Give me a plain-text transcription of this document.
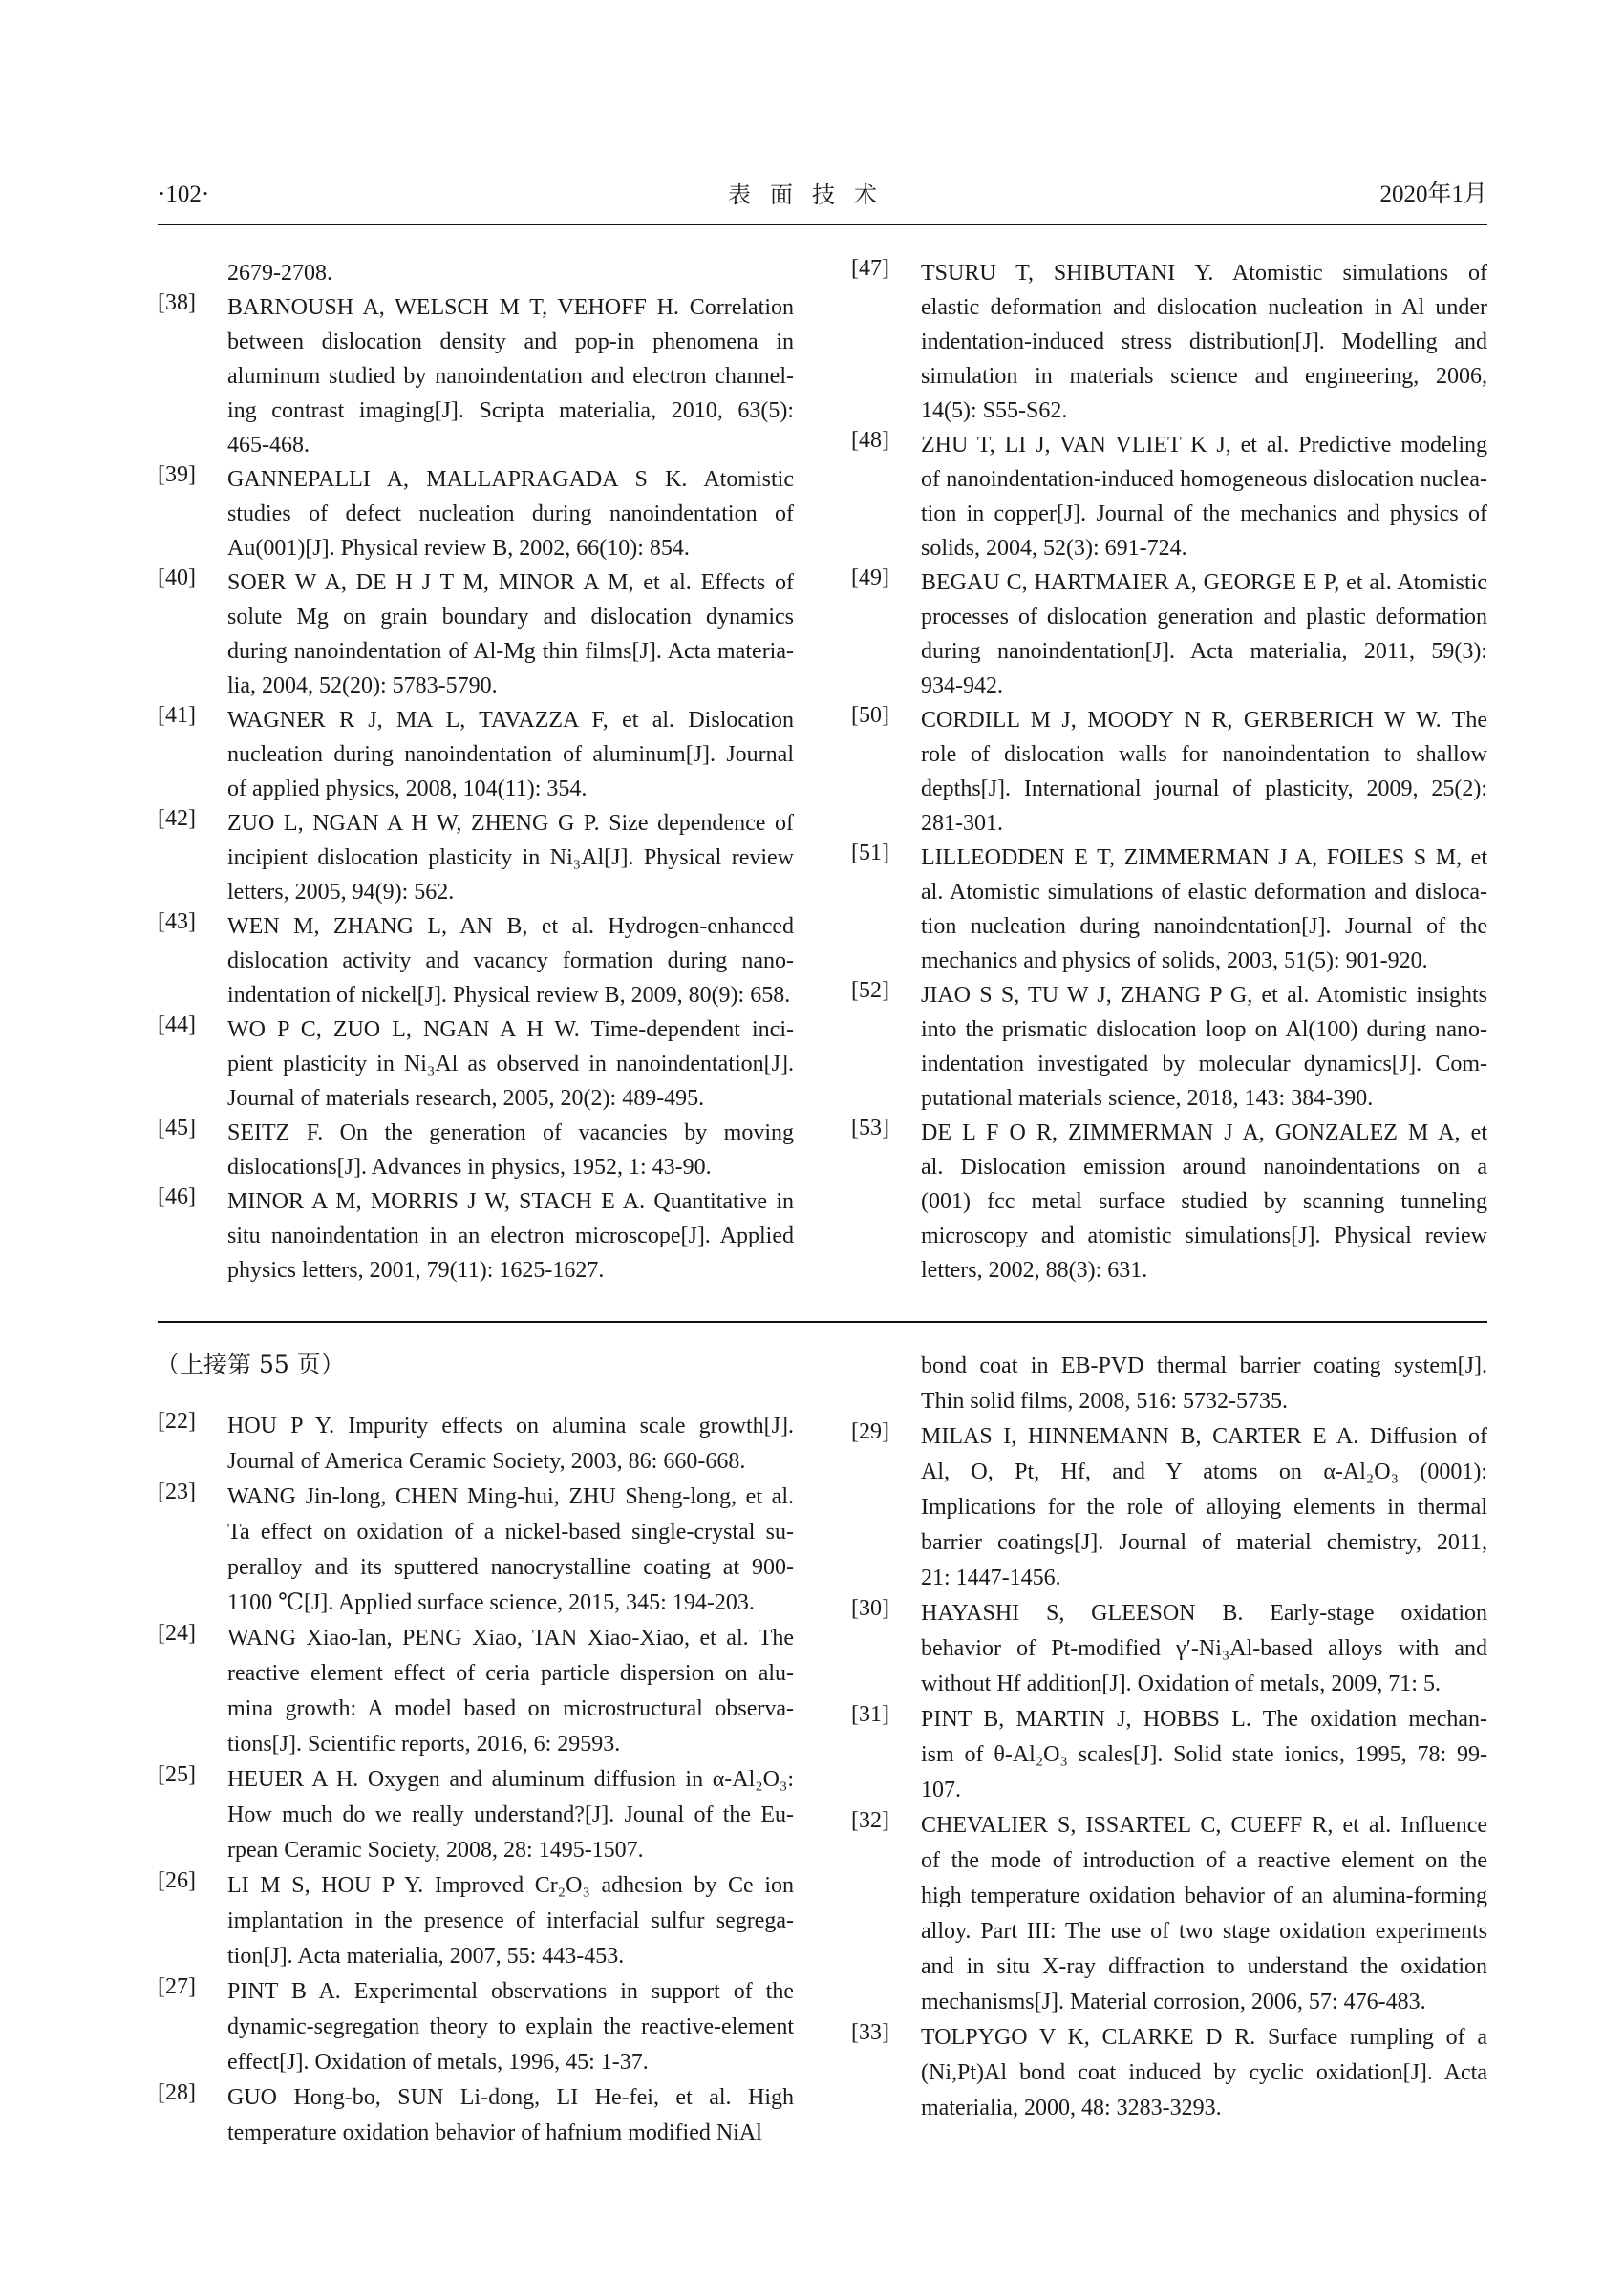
·102·	表面技术	2020年1月
2679-2708.
[38] BARNOUSH A, WELSCH M T, VEHOFF H. Correlation
between dislocation density and pop-in phenomena in
aluminum studied by nanoindentation and electron channel-
ing contrast imaging[J]. Scripta materialia, 2010, 63(5):
465-468.
[39] GANNEPALLI A, MALLAPRAGADA S K. Atomistic
studies of defect nucleation during nanoindentation of
Au(001)[J]. Physical review B, 2002, 66(10): 854.
[40] SOER W A, DE H J T M, MINOR A M, et al. Effects of
solute Mg on grain boundary and dislocation dynamics
during nanoindentation of Al-Mg thin films[J]. Acta materia-
lia, 2004, 52(20): 5783-5790.
[41] WAGNER R J, MA L, TAVAZZA F, et al. Dislocation
nucleation during nanoindentation of aluminum[J]. Journal
of applied physics, 2008, 104(11): 354.
[42] ZUO L, NGAN A H W, ZHENG G P. Size dependence of
incipient dislocation plasticity in Ni₃Al[J]. Physical review
letters, 2005, 94(9): 562.
[43] WEN M, ZHANG L, AN B, et al. Hydrogen-enhanced
dislocation activity and vacancy formation during nano-
indentation of nickel[J]. Physical review B, 2009, 80(9): 658.
[44] WO P C, ZUO L, NGAN A H W. Time-dependent inci-
pient plasticity in Ni₃Al as observed in nanoindentation[J].
Journal of materials research, 2005, 20(2): 489-495.
[45] SEITZ F. On the generation of vacancies by moving
dislocations[J]. Advances in physics, 1952, 1: 43-90.
[46] MINOR A M, MORRIS J W, STACH E A. Quantitative in
situ nanoindentation in an electron microscope[J]. Applied
physics letters, 2001, 79(11): 1625-1627.
[47] TSURU T, SHIBUTANI Y. Atomistic simulations of
elastic deformation and dislocation nucleation in Al under
indentation-induced stress distribution[J]. Modelling and
simulation in materials science and engineering, 2006,
14(5): S55-S62.
[48] ZHU T, LI J, VAN VLIET K J, et al. Predictive modeling
of nanoindentation-induced homogeneous dislocation nuclea-
tion in copper[J]. Journal of the mechanics and physics of
solids, 2004, 52(3): 691-724.
[49] BEGAU C, HARTMAIER A, GEORGE E P, et al. Atomistic
processes of dislocation generation and plastic deformation
during nanoindentation[J]. Acta materialia, 2011, 59(3):
934-942.
[50] CORDILL M J, MOODY N R, GERBERICH W W. The
role of dislocation walls for nanoindentation to shallow
depths[J]. International journal of plasticity, 2009, 25(2):
281-301.
[51] LILLEODDEN E T, ZIMMERMAN J A, FOILES S M, et
al. Atomistic simulations of elastic deformation and disloca-
tion nucleation during nanoindentation[J]. Journal of the
mechanics and physics of solids, 2003, 51(5): 901-920.
[52] JIAO S S, TU W J, ZHANG P G, et al. Atomistic insights
into the prismatic dislocation loop on Al(100) during nano-
indentation investigated by molecular dynamics[J]. Com-
putational materials science, 2018, 143: 384-390.
[53] DE L F O R, ZIMMERMAN J A, GONZALEZ M A, et
al. Dislocation emission around nanoindentations on a
(001) fcc metal surface studied by scanning tunneling
microscopy and atomistic simulations[J]. Physical review
letters, 2002, 88(3): 631.
（上接第 55 页）
[22] HOU P Y. Impurity effects on alumina scale growth[J].
Journal of America Ceramic Society, 2003, 86: 660-668.
[23] WANG Jin-long, CHEN Ming-hui, ZHU Sheng-long, et al.
Ta effect on oxidation of a nickel-based single-crystal su-
peralloy and its sputtered nanocrystalline coating at 900-
1100 ℃[J]. Applied surface science, 2015, 345: 194-203.
[24] WANG Xiao-lan, PENG Xiao, TAN Xiao-Xiao, et al. The
reactive element effect of ceria particle dispersion on alu-
mina growth: A model based on microstructural observa-
tions[J]. Scientific reports, 2016, 6: 29593.
[25] HEUER A H. Oxygen and aluminum diffusion in α-Al₂O₃:
How much do we really understand?[J]. Jounal of the Eu-
rpean Ceramic Society, 2008, 28: 1495-1507.
[26] LI M S, HOU P Y. Improved Cr₂O₃ adhesion by Ce ion
implantation in the presence of interfacial sulfur segrega-
tion[J]. Acta materialia, 2007, 55: 443-453.
[27] PINT B A. Experimental observations in support of the
dynamic-segregation theory to explain the reactive-element
effect[J]. Oxidation of metals, 1996, 45: 1-37.
[28] GUO Hong-bo, SUN Li-dong, LI He-fei, et al. High
temperature oxidation behavior of hafnium modified NiAl
bond coat in EB-PVD thermal barrier coating system[J].
Thin solid films, 2008, 516: 5732-5735.
[29] MILAS I, HINNEMANN B, CARTER E A. Diffusion of
Al, O, Pt, Hf, and Y atoms on α-Al₂O₃ (0001):
Implications for the role of alloying elements in thermal
barrier coatings[J]. Journal of material chemistry, 2011,
21: 1447-1456.
[30] HAYASHI S, GLEESON B. Early-stage oxidation
behavior of Pt-modified γ′-Ni₃Al-based alloys with and
without Hf addition[J]. Oxidation of metals, 2009, 71: 5.
[31] PINT B, MARTIN J, HOBBS L. The oxidation mechan-
ism of θ-Al₂O₃ scales[J]. Solid state ionics, 1995, 78: 99-
107.
[32] CHEVALIER S, ISSARTEL C, CUEFF R, et al. Influence
of the mode of introduction of a reactive element on the
high temperature oxidation behavior of an alumina-forming
alloy. Part III: The use of two stage oxidation experiments
and in situ X-ray diffraction to understand the oxidation
mechanisms[J]. Material corrosion, 2006, 57: 476-483.
[33] TOLPYGO V K, CLARKE D R. Surface rumpling of a
(Ni,Pt)Al bond coat induced by cyclic oxidation[J]. Acta
materialia, 2000, 48: 3283-3293.
